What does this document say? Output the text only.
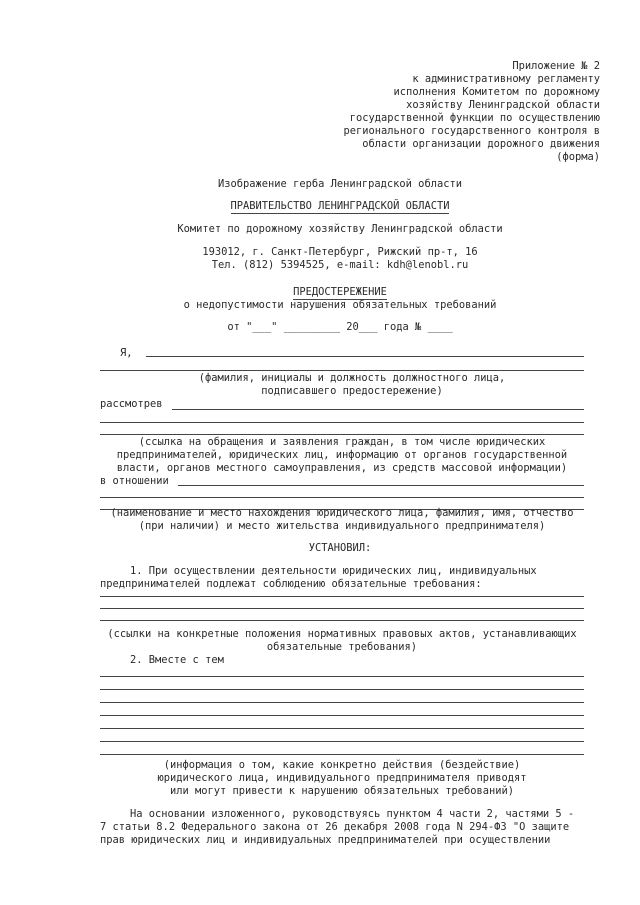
Приложение № 2
к административному регламенту
исполнения Комитетом по дорожному
хозяйству Ленинградской области
государственной функции по осуществлению
регионального государственного контроля в
области организации дорожного движения
(форма)
Изображение герба Ленинградской области
ПРАВИТЕЛЬСТВО ЛЕНИНГРАДСКОЙ ОБЛАСТИ
Комитет по дорожному хозяйству Ленинградской области
193012, г. Санкт-Петербург, Рижский пр-т, 16
Тел. (812) 5394525, e-mail: kdh@lenobl.ru
ПРЕДОСТЕРЕЖЕНИЕ
о недопустимости нарушения обязательных требований
от "___" _________ 20___ года № ____
Я,
(фамилия, инициалы и должность должностного лица,
подписавшего предостережение)
рассмотрев
(ссылка на обращения и заявления граждан, в том числе юридических
предпринимателей, юридических лиц, информацию от органов государственной
власти, органов местного самоуправления, из средств массовой информации)
в отношении
(наименование и место нахождения юридического лица, фамилия, имя, отчество
(при наличии) и место жительства индивидуального предпринимателя)
УСТАНОВИЛ:
1. При осуществлении деятельности юридических лиц, индивидуальных
предпринимателей подлежат соблюдению обязательные требования:
(ссылки на конкретные положения нормативных правовых актов, устанавливающих
обязательные требования)
2. Вместе с тем
(информация о том, какие конкретно действия (бездействие)
юридического лица, индивидуального предпринимателя приводят
или могут привести к нарушению обязательных требований)
На основании изложенного, руководствуясь пунктом 4 части 2, частями 5 -
7 статьи 8.2 Федерального закона от 26 декабря 2008 года N 294-ФЗ "О защите
прав юридических лиц и индивидуальных предпринимателей при осуществлении
